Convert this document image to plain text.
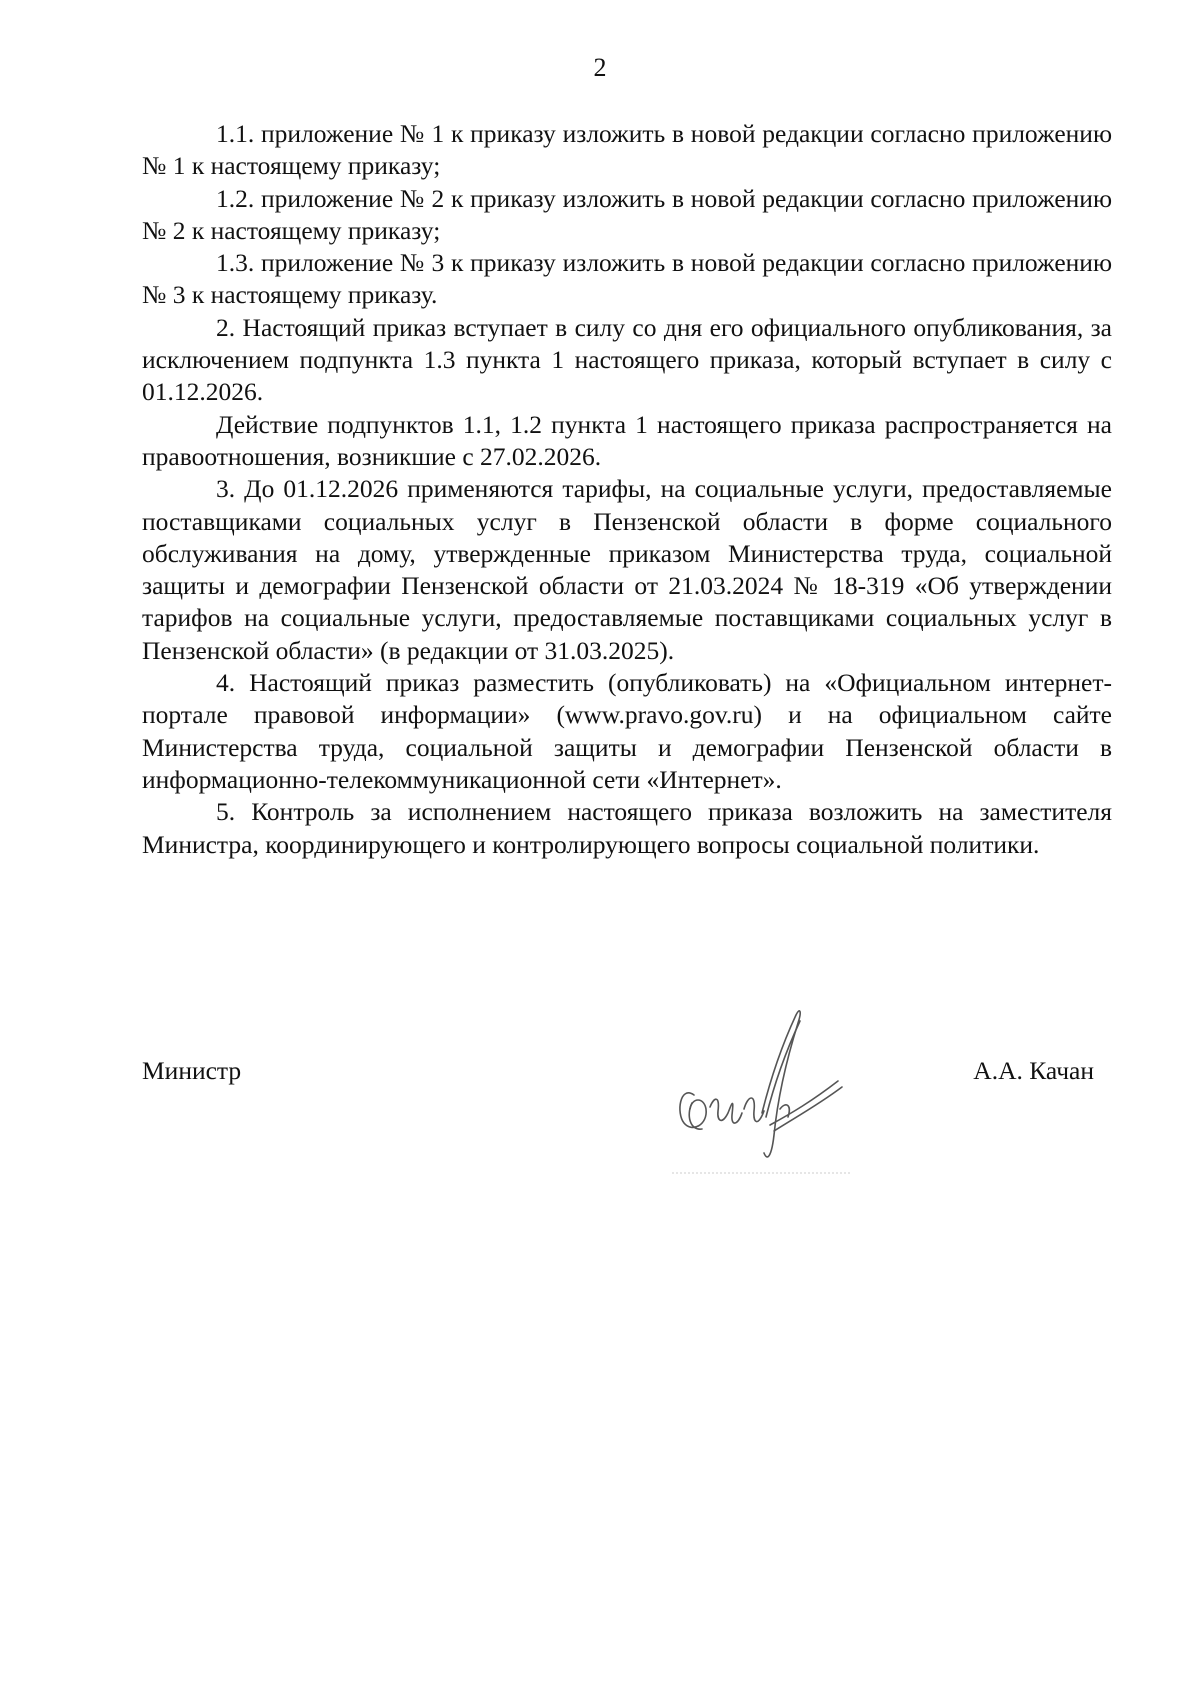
2

1.1. приложение № 1 к приказу изложить в новой редакции согласно приложению № 1 к настоящему приказу;

1.2. приложение № 2 к приказу изложить в новой редакции согласно приложению № 2 к настоящему приказу;

1.3. приложение № 3 к приказу изложить в новой редакции согласно приложению № 3 к настоящему приказу.

2. Настоящий приказ вступает в силу со дня его официального опубликования, за исключением подпункта 1.3 пункта 1 настоящего приказа, который вступает в силу с 01.12.2026.

Действие подпунктов 1.1, 1.2 пункта 1 настоящего приказа распространяется на правоотношения, возникшие с 27.02.2026.

3. До 01.12.2026 применяются тарифы, на социальные услуги, предоставляемые поставщиками социальных услуг в Пензенской области в форме социального обслуживания на дому, утвержденные приказом Министерства труда, социальной защиты и демографии Пензенской области от 21.03.2024 № 18-319 «Об утверждении тарифов на социальные услуги, предоставляемые поставщиками социальных услуг в Пензенской области» (в редакции от 31.03.2025).

4. Настоящий приказ разместить (опубликовать) на «Официальном интернет-портале правовой информации» (www.pravo.gov.ru) и на официальном сайте Министерства труда, социальной защиты и демографии Пензенской области в информационно-телекоммуникационной сети «Интернет».

5. Контроль за исполнением настоящего приказа возложить на заместителя Министра, координирующего и контролирующего вопросы социальной политики.

Министр	А.А. Качан
